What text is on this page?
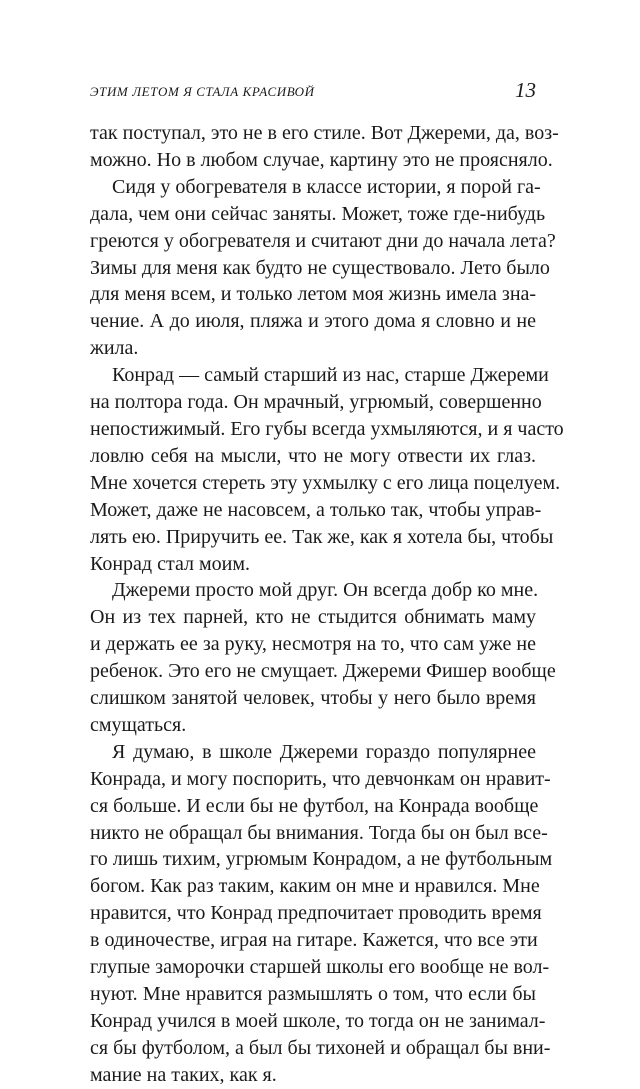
ЭТИМ ЛЕТОМ Я СТАЛА КРАСИВОЙ	13

так поступал, это не в его стиле. Вот Джереми, да, воз-
можно. Но в любом случае, картину это не проясняло.

Сидя у обогревателя в классе истории, я порой га-
дала, чем они сейчас заняты. Может, тоже где-нибудь
греются у обогревателя и считают дни до начала лета?
Зимы для меня как будто не существовало. Лето было
для меня всем, и только летом моя жизнь имела зна-
чение. А до июля, пляжа и этого дома я словно и не
жила.

Конрад — самый старший из нас, старше Джереми
на полтора года. Он мрачный, угрюмый, совершенно
непостижимый. Его губы всегда ухмыляются, и я часто
ловлю себя на мысли, что не могу отвести их глаз.
Мне хочется стереть эту ухмылку с его лица поцелуем.
Может, даже не насовсем, а только так, чтобы управ-
лять ею. Приручить ее. Так же, как я хотела бы, чтобы
Конрад стал моим.

Джереми просто мой друг. Он всегда добр ко мне.
Он из тех парней, кто не стыдится обнимать маму
и держать ее за руку, несмотря на то, что сам уже не
ребенок. Это его не смущает. Джереми Фишер вообще
слишком занятой человек, чтобы у него было время
смущаться.

Я думаю, в школе Джереми гораздо популярнее
Конрада, и могу поспорить, что девчонкам он нравит-
ся больше. И если бы не футбол, на Конрада вообще
никто не обращал бы внимания. Тогда бы он был все-
го лишь тихим, угрюмым Конрадом, а не футбольным
богом. Как раз таким, каким он мне и нравился. Мне
нравится, что Конрад предпочитает проводить время
в одиночестве, играя на гитаре. Кажется, что все эти
глупые заморочки старшей школы его вообще не вол-
нуют. Мне нравится размышлять о том, что если бы
Конрад учился в моей школе, то тогда он не занимал-
ся бы футболом, а был бы тихоней и обращал бы вни-
мание на таких, как я.
